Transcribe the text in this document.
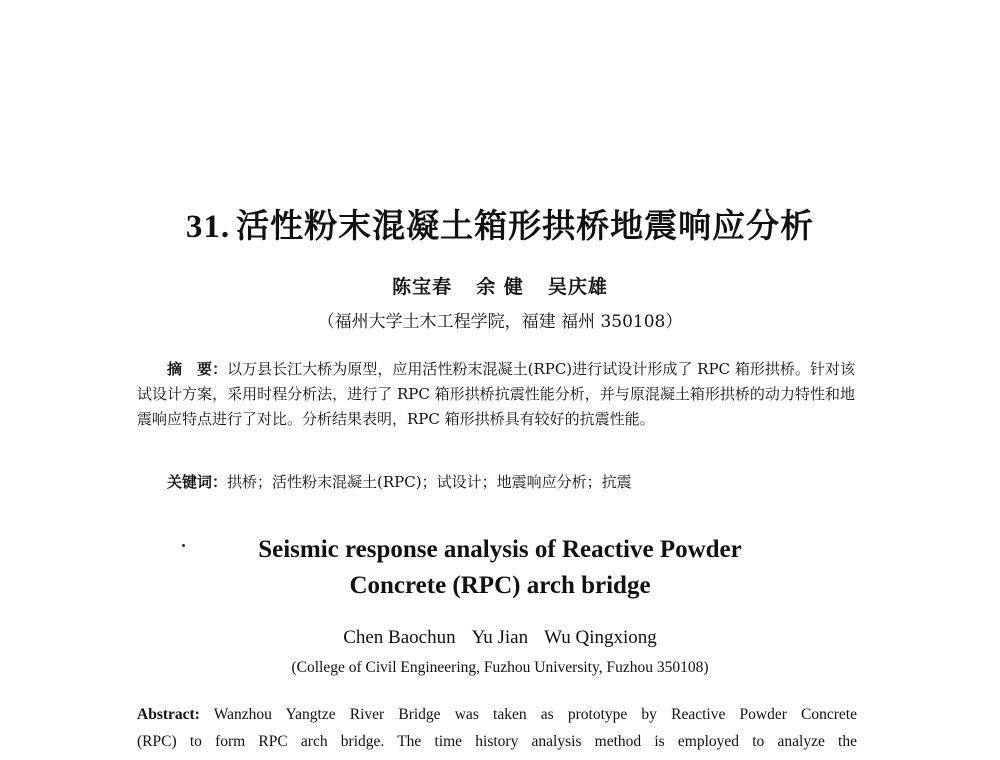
31. 活性粉末混凝土箱形拱桥地震响应分析
陈宝春 余 健 吴庆雄
（福州大学土木工程学院，福建 福州 350108）
摘　要：以万县长江大桥为原型，应用活性粉末混凝土(RPC)进行试设计形成了 RPC 箱形拱桥。针对该试设计方案，采用时程分析法，进行了 RPC 箱形拱桥抗震性能分析，并与原混凝土箱形拱桥的动力特性和地震响应特点进行了对比。分析结果表明，RPC 箱形拱桥具有较好的抗震性能。
关键词：拱桥；活性粉末混凝土(RPC)；试设计；地震响应分析；抗震
Seismic response analysis of Reactive Powder
Concrete (RPC) arch bridge
Chen Baochun Yu Jian Wu Qingxiong
(College of Civil Engineering, Fuzhou University, Fuzhou 350108)
Abstract: Wanzhou Yangtze River Bridge was taken as prototype by Reactive Powder Concrete
(RPC) to form RPC arch bridge. The time history analysis method is employed to analyze the
